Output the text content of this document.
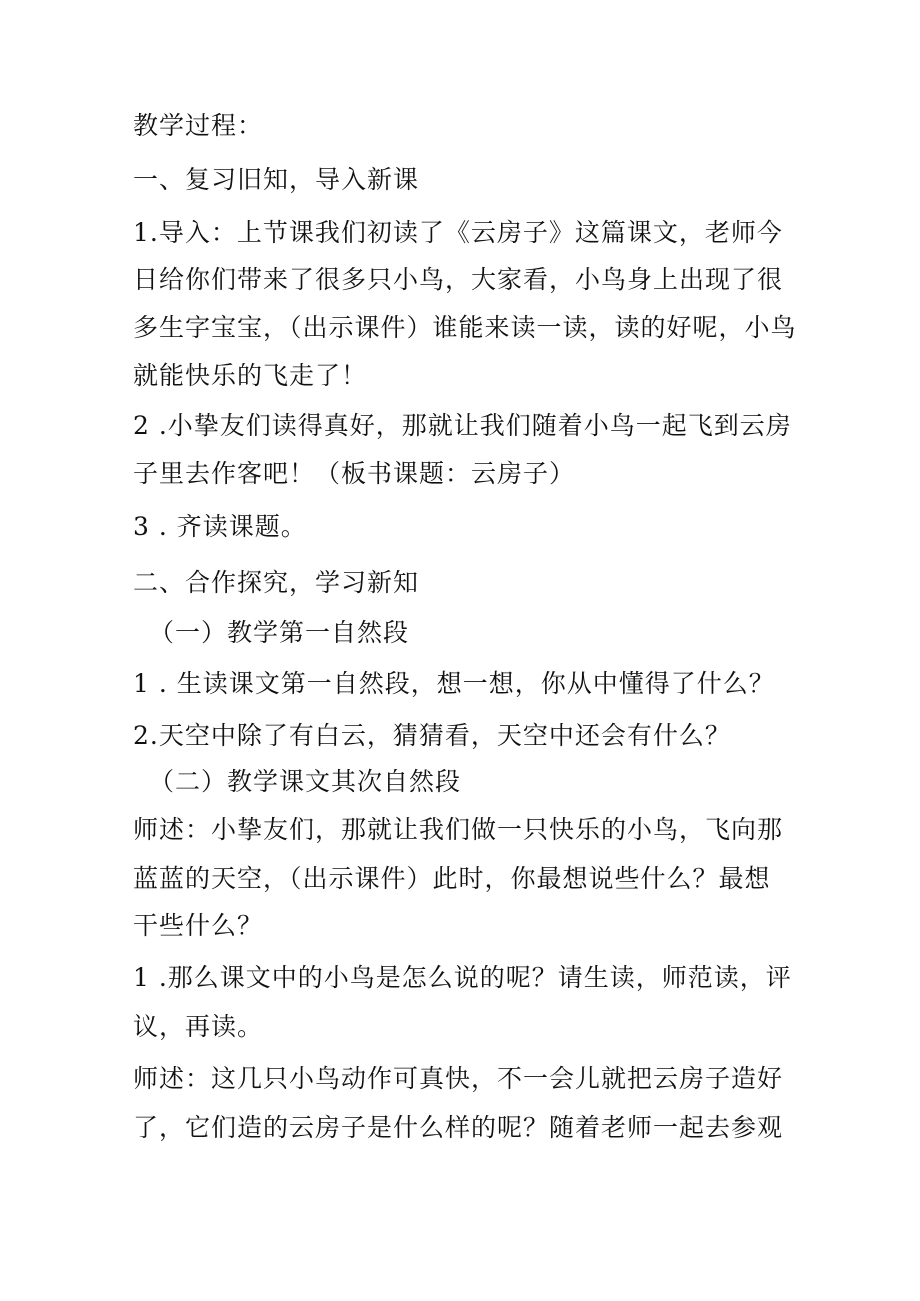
教学过程：
一、复习旧知，导入新课
1.导入：上节课我们初读了《云房子》这篇课文，老师今
日给你们带来了很多只小鸟，大家看，小鸟身上出现了很
多生字宝宝，（出示课件）谁能来读一读，读的好呢，小鸟
就能快乐的飞走了！
2 .小挚友们读得真好，那就让我们随着小鸟一起飞到云房
子里去作客吧！（板书课题：云房子）
3 . 齐读课题。
二、合作探究，学习新知
（一）教学第一自然段
1 . 生读课文第一自然段，想一想，你从中懂得了什么？
2.天空中除了有白云，猜猜看，天空中还会有什么？
（二）教学课文其次自然段
师述：小挚友们，那就让我们做一只快乐的小鸟，飞向那
蓝蓝的天空，（出示课件）此时，你最想说些什么？最想
干些什么？
1 .那么课文中的小鸟是怎么说的呢？请生读，师范读，评
议，再读。
师述：这几只小鸟动作可真快，不一会儿就把云房子造好
了，它们造的云房子是什么样的呢？随着老师一起去参观
